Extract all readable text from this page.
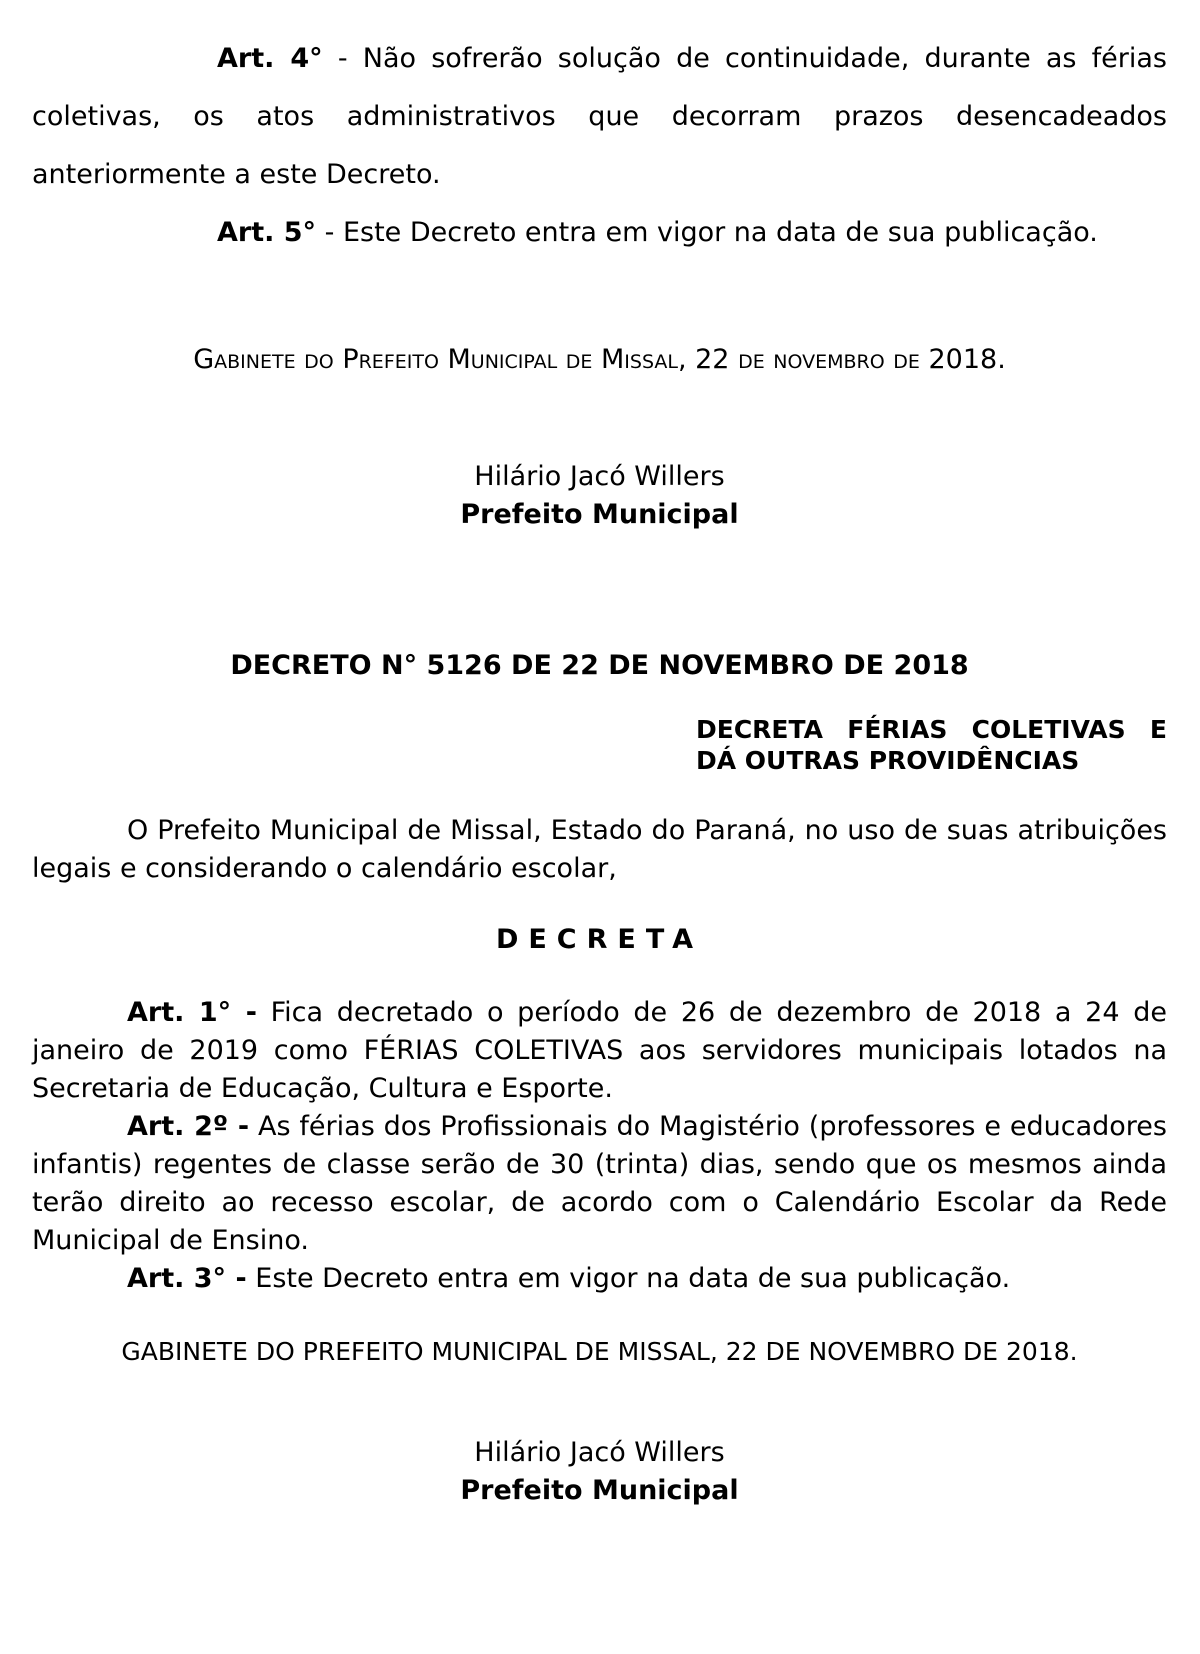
Art. 4° - Não sofrerão solução de continuidade, durante as férias coletivas, os atos administrativos que decorram prazos desencadeados anteriormente a este Decreto.

Art. 5° - Este Decreto entra em vigor na data de sua publicação.

Gabinete do Prefeito Municipal de Missal, 22 de novembro de 2018.

Hilário Jacó Willers
Prefeito Municipal
DECRETO N° 5126 DE 22 DE NOVEMBRO DE 2018
DECRETA FÉRIAS COLETIVAS E DÁ OUTRAS PROVIDÊNCIAS

O Prefeito Municipal de Missal, Estado do Paraná, no uso de suas atribuições legais e considerando o calendário escolar,

DECRETA

Art. 1° - Fica decretado o período de 26 de dezembro de 2018 a 24 de janeiro de 2019 como FÉRIAS COLETIVAS aos servidores municipais lotados na Secretaria de Educação, Cultura e Esporte.

Art. 2º - As férias dos Profissionais do Magistério (professores e educadores infantis) regentes de classe serão de 30 (trinta) dias, sendo que os mesmos ainda terão direito ao recesso escolar, de acordo com o Calendário Escolar da Rede Municipal de Ensino.

Art. 3° - Este Decreto entra em vigor na data de sua publicação.

GABINETE DO PREFEITO MUNICIPAL DE MISSAL, 22 DE NOVEMBRO DE 2018.

Hilário Jacó Willers
Prefeito Municipal
